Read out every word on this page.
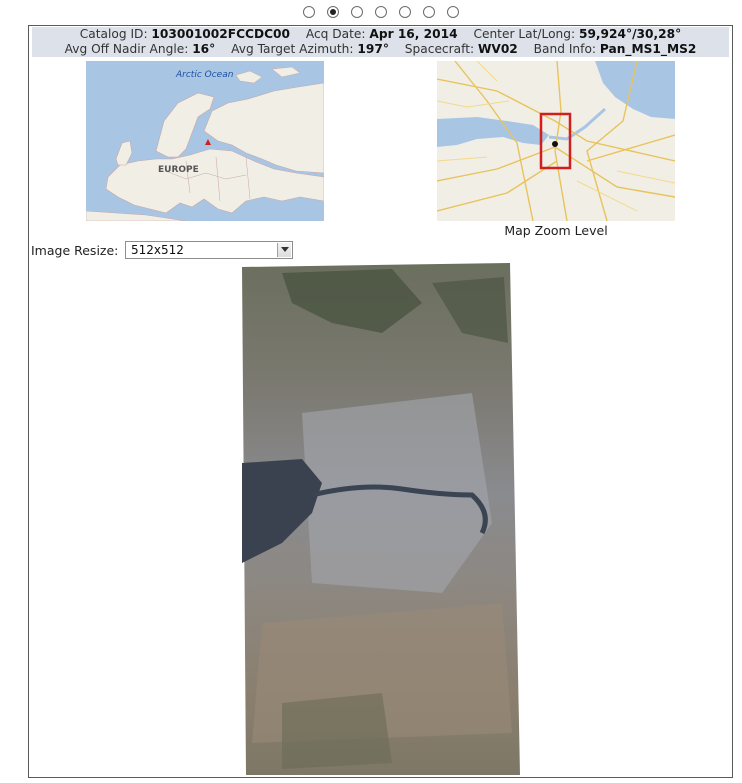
Catalog ID: 103001002FCCDC00 Acq Date: Apr 16, 2014 Center Lat/Long: 59,924°/30,28°
Avg Off Nadir Angle: 16° Avg Target Azimuth: 197° Spacecraft: WV02 Band Info: Pan_MS1_MS2
Arctic Ocean
EUROPE
Map Zoom Level
Image Resize: 512x512
